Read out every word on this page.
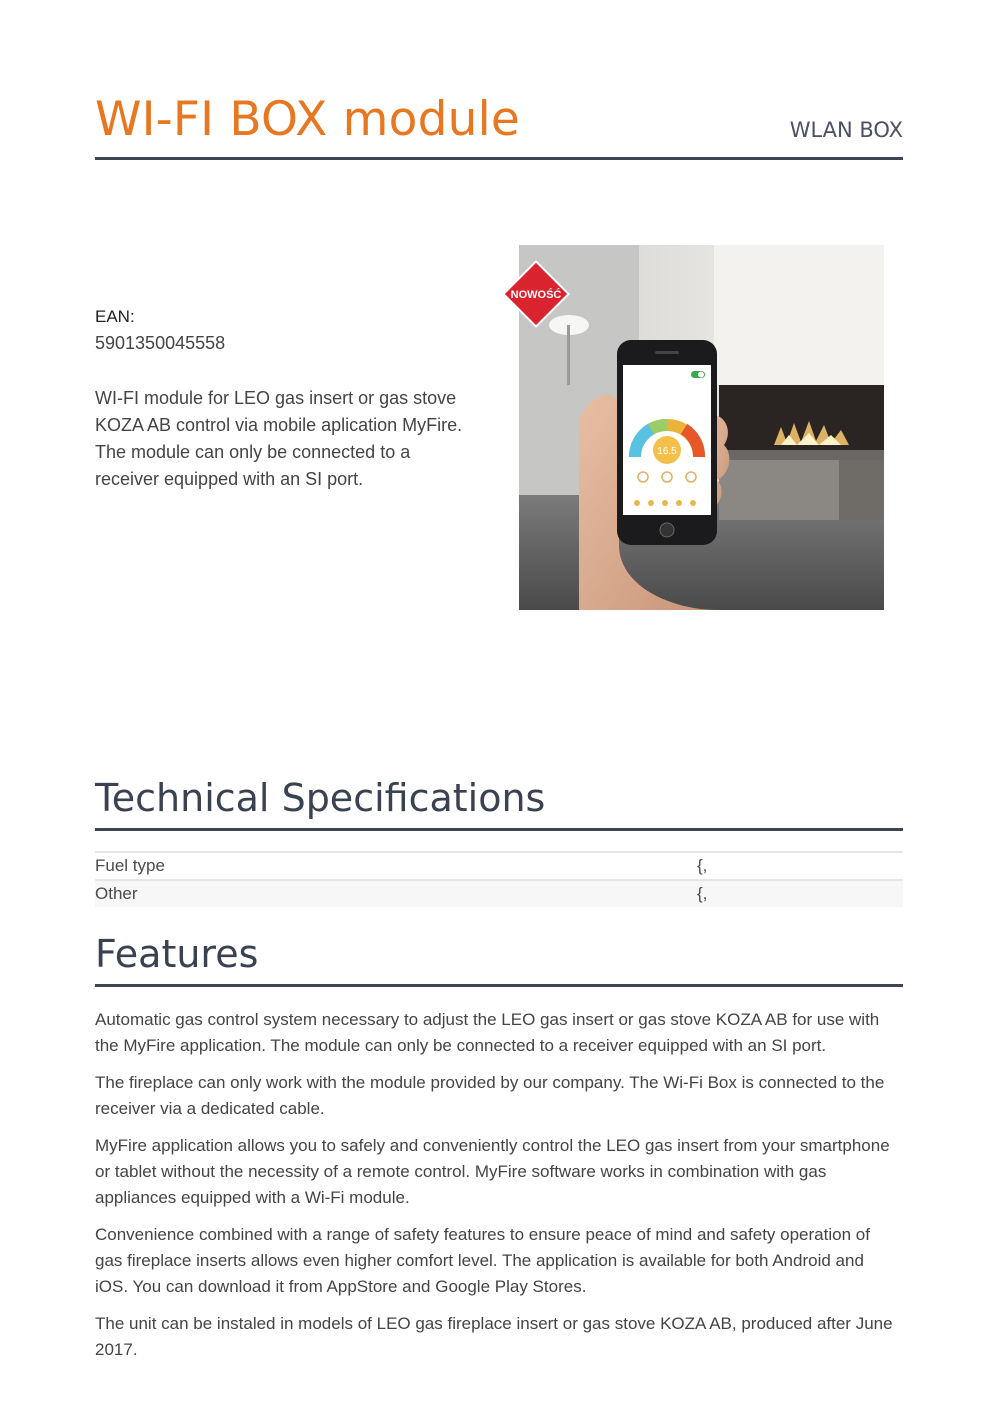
WI-FI BOX module	WLAN BOX
EAN:
5901350045558

WI-FI module for LEO gas insert or gas stove KOZA AB control via mobile aplication MyFire. The module can only be connected to a receiver equipped with an SI port.

NOWOŚĆ
16.5
Technical Specifications
Fuel type	{,
Other	{,
Features

Automatic gas control system necessary to adjust the LEO gas insert or gas stove KOZA AB for use with the MyFire application. The module can only be connected to a receiver equipped with an SI port.

The fireplace can only work with the module provided by our company. The Wi-Fi Box is connected to the receiver via a dedicated cable.

MyFire application allows you to safely and conveniently control the LEO gas insert from your smartphone or tablet without the necessity of a remote control. MyFire software works in combination with gas appliances equipped with a Wi-Fi module.

Convenience combined with a range of safety features to ensure peace of mind and safety operation of gas fireplace inserts allows even higher comfort level. The application is available for both Android and iOS. You can download it from AppStore and Google Play Stores.

The unit can be instaled in models of LEO gas fireplace insert or gas stove KOZA AB, produced after June 2017.
